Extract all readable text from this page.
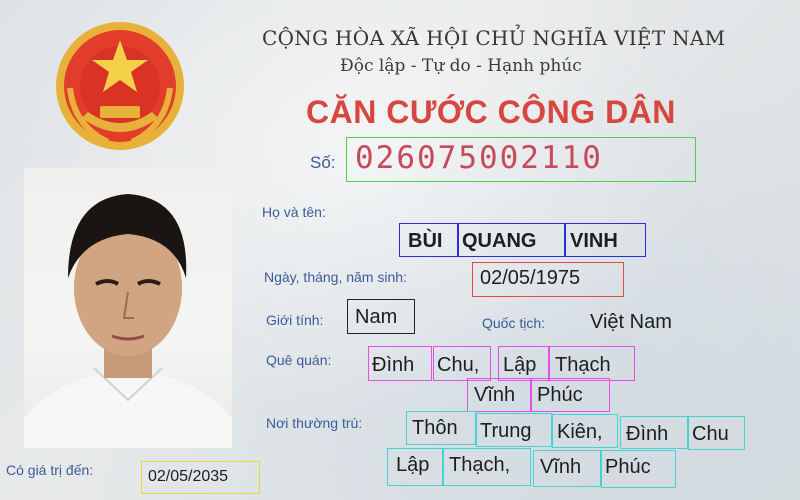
CỘNG HÒA XÃ HỘI CHỦ NGHĨA VIỆT NAM
Độc lập - Tự do - Hạnh phúc
CĂN CƯỚC CÔNG DÂN
Số: 026075002110
Họ và tên:
BÙI QUANG VINH
Ngày, tháng, năm sinh:	02/05/1975
Giới tính: Nam	Quốc tịch: Việt Nam
Quê quán: Đình Chu, Lập Thạch
Vĩnh Phúc
Nơi thường trú: Thôn Trung Kiên, Đình Chu
Lập Thạch, Vĩnh Phúc
Có giá trị đến:	02/05/2035
